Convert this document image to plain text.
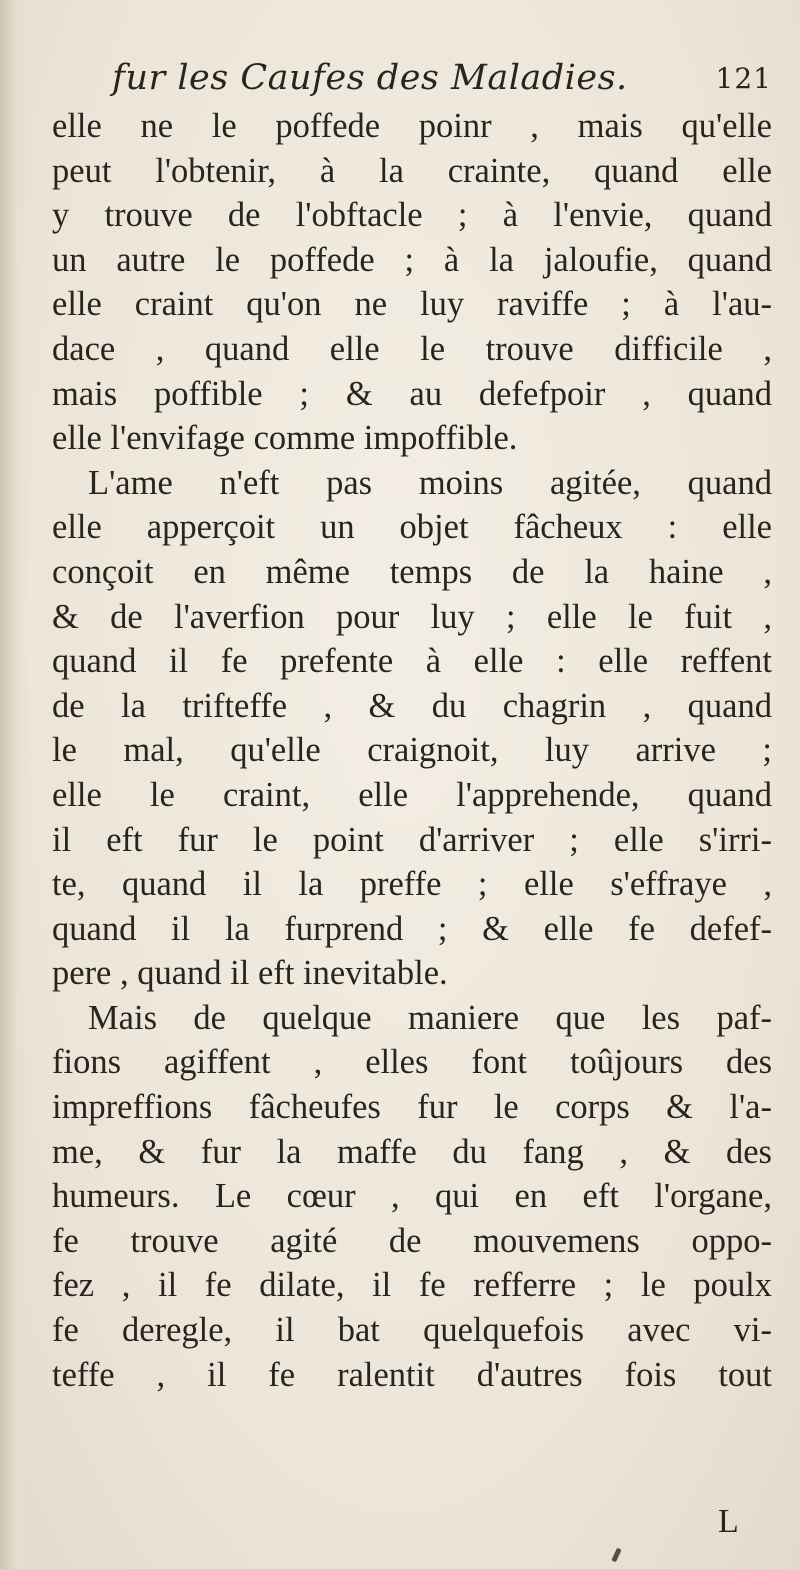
fur les Caufes des Maladies.	121
elle ne le poffede poinr , mais qu'elle
peut l'obtenir, à la crainte, quand elle
y trouve de l'obftacle ; à l'envie, quand
un autre le poffede ; à la jaloufie, quand
elle craint qu'on ne luy raviffe ; à l'au-
dace , quand elle le trouve difficile ,
mais poffible ; & au defefpoir , quand
elle l'envifage comme impoffible.
L'ame n'eft pas moins agitée, quand
elle apperçoit un objet fâcheux : elle
conçoit en même temps de la haine ,
& de l'averfion pour luy ; elle le fuit ,
quand il fe prefente à elle : elle reffent
de la trifteffe , & du chagrin , quand
le mal, qu'elle craignoit, luy arrive ;
elle le craint, elle l'apprehende, quand
il eft fur le point d'arriver ; elle s'irri-
te, quand il la preffe ; elle s'effraye ,
quand il la furprend ; & elle fe defef-
pere , quand il eft inevitable.
Mais de quelque maniere que les paf-
fions agiffent , elles font toûjours des
impreffions fâcheufes fur le corps & l'a-
me, & fur la maffe du fang , & des
humeurs. Le cœur , qui en eft l'organe,
fe trouve agité de mouvemens oppo-
fez , il fe dilate, il fe refferre ; le poulx
fe deregle, il bat quelquefois avec vi-
teffe , il fe ralentit d'autres fois tout
L
